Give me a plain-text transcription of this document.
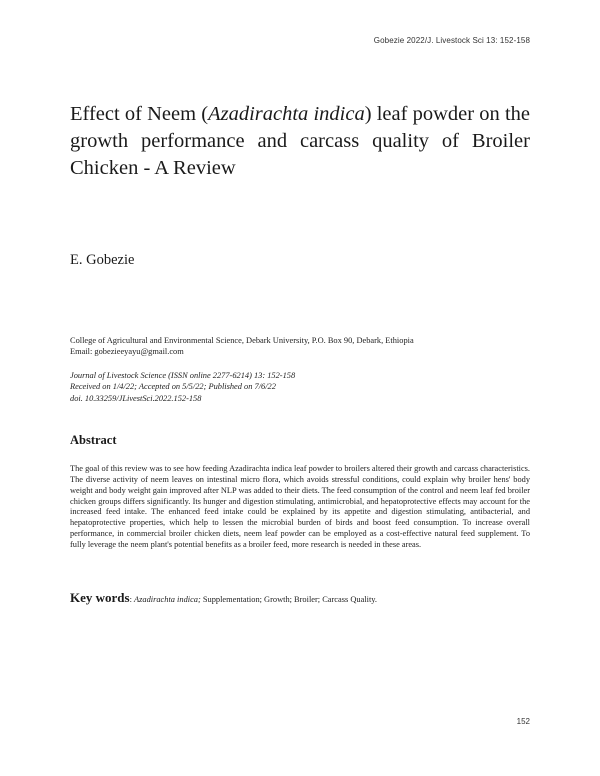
Gobezie 2022/J. Livestock Sci 13: 152-158
Effect of Neem (Azadirachta indica) leaf powder on the growth performance and carcass quality of Broiler Chicken - A Review

E. Gobezie

College of Agricultural and Environmental Science, Debark University, P.O. Box 90, Debark, Ethiopia
Email: gobezieeyayu@gmail.com
Journal of Livestock Science (ISSN online 2277-6214) 13: 152-158
Received on 1/4/22; Accepted on 5/5/22; Published on 7/6/22
doi. 10.33259/JLivestSci.2022.152-158
Abstract

The goal of this review was to see how feeding Azadirachta indica leaf powder to broilers altered their growth and carcass characteristics. The diverse activity of neem leaves on intestinal micro flora, which avoids stressful conditions, could explain why broiler hens' body weight and body weight gain improved after NLP was added to their diets. The feed consumption of the control and neem leaf fed broiler chicken groups differs significantly. Its hunger and digestion stimulating, antimicrobial, and hepatoprotective effects may account for the increased feed intake. The enhanced feed intake could be explained by its appetite and digestion stimulating, antibacterial, and hepatoprotective properties, which help to lessen the microbial burden of birds and boost feed consumption. To increase overall performance, in commercial broiler chicken diets, neem leaf powder can be employed as a cost-effective natural feed supplement. To fully leverage the neem plant's potential benefits as a broiler feed, more research is needed in these areas.

Key words: Azadirachta indica; Supplementation; Growth; Broiler; Carcass Quality.
152
